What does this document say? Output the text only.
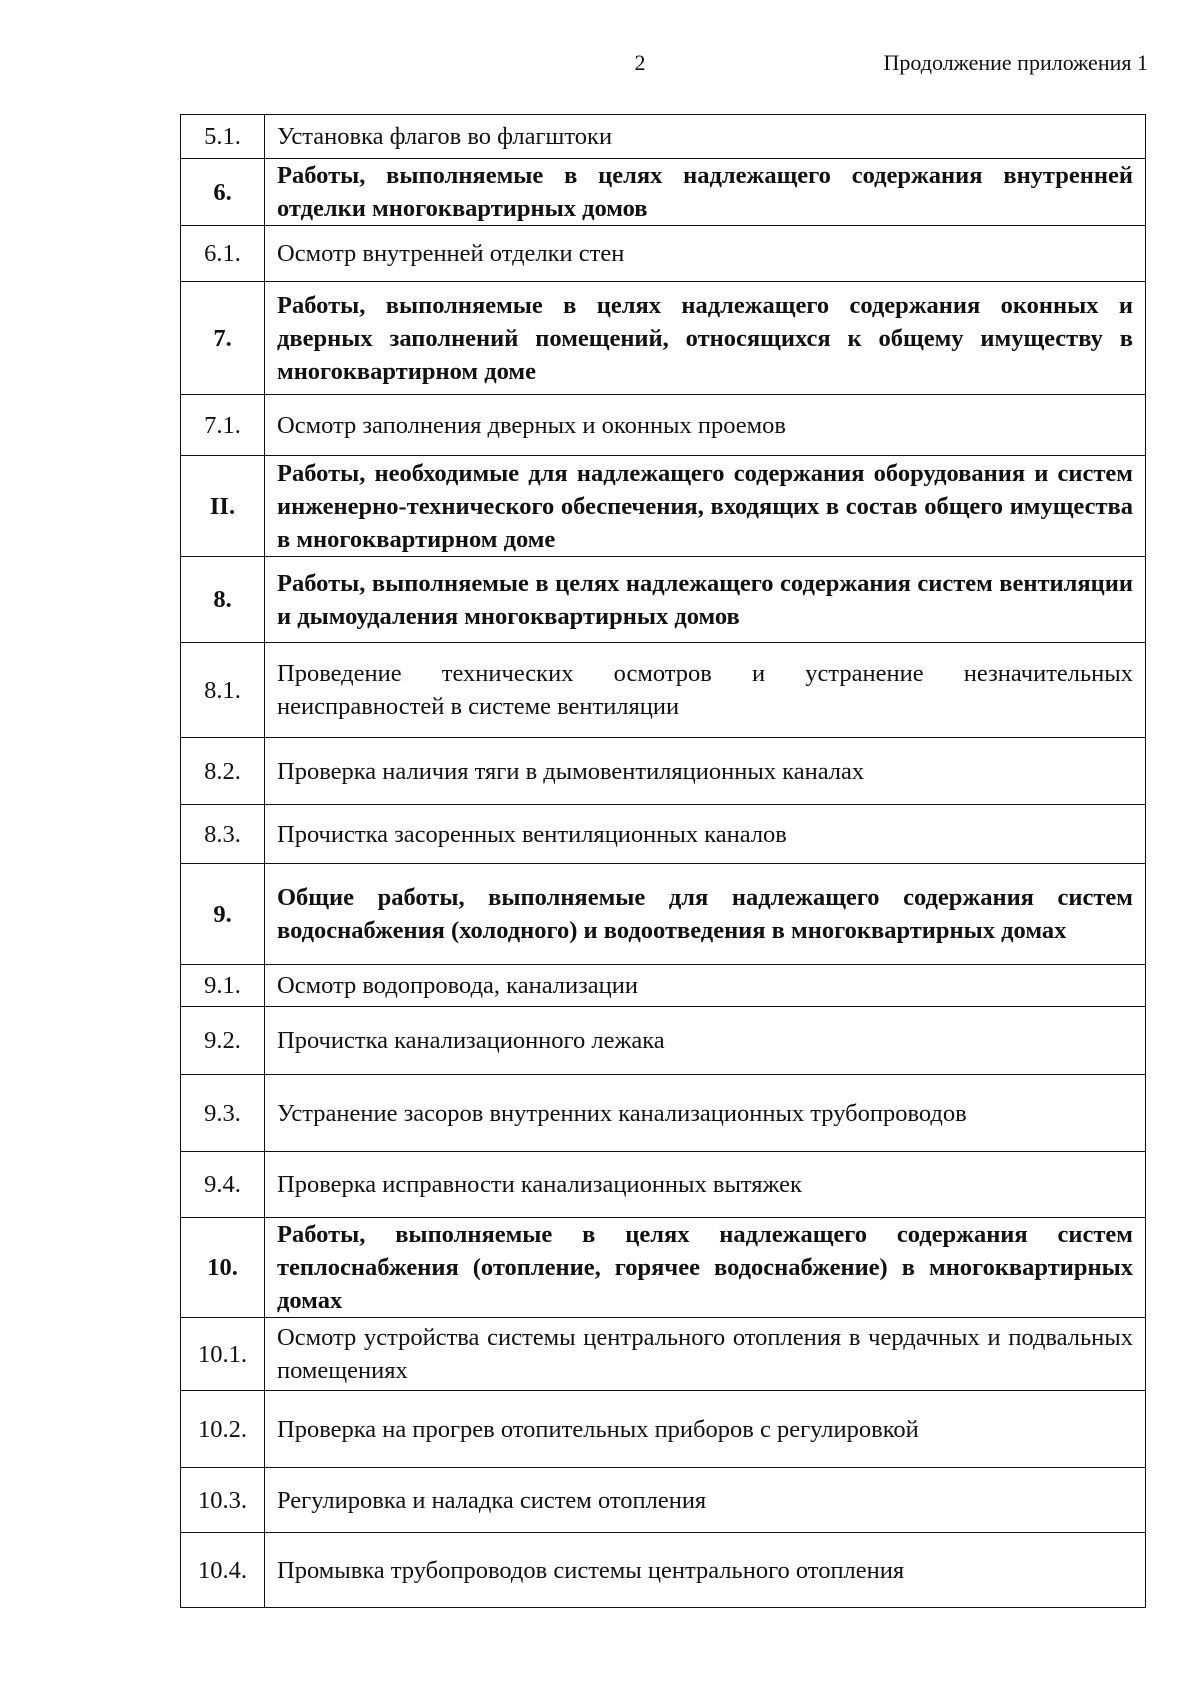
2	Продолжение приложения 1
5.1.	Установка флагов во флагштоки
6.	Работы, выполняемые в целях надлежащего содержания внутренней отделки многоквартирных домов
6.1.	Осмотр внутренней отделки стен
7.	Работы, выполняемые в целях надлежащего содержания оконных и дверных заполнений помещений, относящихся к общему имуществу в многоквартирном доме
7.1.	Осмотр заполнения дверных и оконных проемов
II.	Работы, необходимые для надлежащего содержания оборудования и систем инженерно-технического обеспечения, входящих в состав общего имущества в многоквартирном доме
8.	Работы, выполняемые в целях надлежащего содержания систем вентиляции и дымоудаления многоквартирных домов
8.1.	Проведение технических осмотров и устранение незначительных неисправностей в системе вентиляции
8.2.	Проверка наличия тяги в дымовентиляционных каналах
8.3.	Прочистка засоренных вентиляционных каналов
9.	Общие работы, выполняемые для надлежащего содержания систем водоснабжения (холодного) и водоотведения в многоквартирных домах
9.1.	Осмотр водопровода, канализации
9.2.	Прочистка канализационного лежака
9.3.	Устранение засоров внутренних канализационных трубопроводов
9.4.	Проверка исправности канализационных вытяжек
10.	Работы, выполняемые в целях надлежащего содержания систем теплоснабжения (отопление, горячее водоснабжение) в многоквартирных домах
10.1.	Осмотр устройства системы центрального отопления в чердачных и подвальных помещениях
10.2.	Проверка на прогрев отопительных приборов с регулировкой
10.3.	Регулировка и наладка систем отопления
10.4.	Промывка трубопроводов системы центрального отопления
